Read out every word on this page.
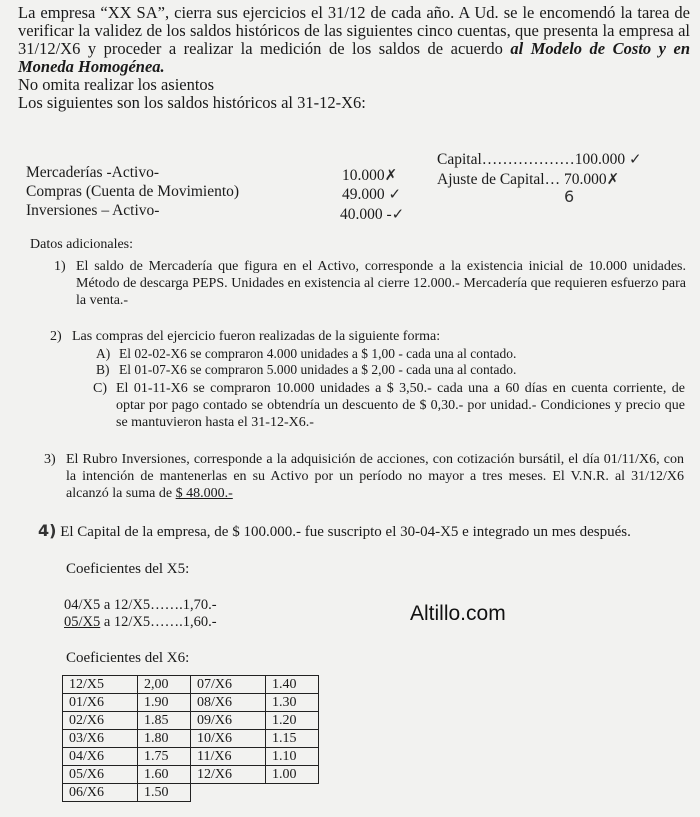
La empresa “XX SA”, cierra sus ejercicios el 31/12 de cada año. A Ud. se le encomendó la tarea de verificar la validez de los saldos históricos de las siguientes cinco cuentas, que presenta la empresa al 31/12/X6 y proceder a realizar la medición de los saldos de acuerdo al Modelo de Costo y en Moneda Homogénea.

No omita realizar los asientos

Los siguientes son los saldos históricos al 31-12-X6:

Capital………………100.000 ✓
Ajuste de Capital… 70.000✗
6
Mercaderías -Activo-	10.000✗
Compras (Cuenta de Movimiento)	49.000 ✓
Inversiones – Activo-	40.000 -✓
Datos adicionales:
1) El saldo de Mercadería que figura en el Activo, corresponde a la existencia inicial de 10.000 unidades. Método de descarga PEPS. Unidades en existencia al cierre 12.000.- Mercadería que requieren esfuerzo para la venta.-
2) Las compras del ejercicio fueron realizadas de la siguiente forma:
A) El 02-02-X6 se compraron 4.000 unidades a $ 1,00 - cada una al contado.
B) El 01-07-X6 se compraron 5.000 unidades a $ 2,00 - cada una al contado.
C) El 01-11-X6 se compraron 10.000 unidades a $ 3,50.- cada una a 60 días en cuenta corriente, de optar por pago contado se obtendría un descuento de $ 0,30.- por unidad.- Condiciones y precio que se mantuvieron hasta el 31-12-X6.-
3) El Rubro Inversiones, corresponde a la adquisición de acciones, con cotización bursátil, el día 01/11/X6, con la intención de mantenerlas en su Activo por un período no mayor a tres meses. El V.N.R. al 31/12/X6 alcanzó la suma de $ 48.000.-
4) El Capital de la empresa, de $ 100.000.- fue suscripto el 30-04-X5 e integrado un mes después.
Coeficientes del X5:
04/X5 a 12/X5…….1,70.-
05/X5 a 12/X5…….1,60.-	Altillo.com
Coeficientes del X6:
12/X5	2,00	07/X6	1.40
01/X6	1.90	08/X6	1.30
02/X6	1.85	09/X6	1.20
03/X6	1.80	10/X6	1.15
04/X6	1.75	11/X6	1.10
05/X6	1.60	12/X6	1.00
06/X6	1.50		
